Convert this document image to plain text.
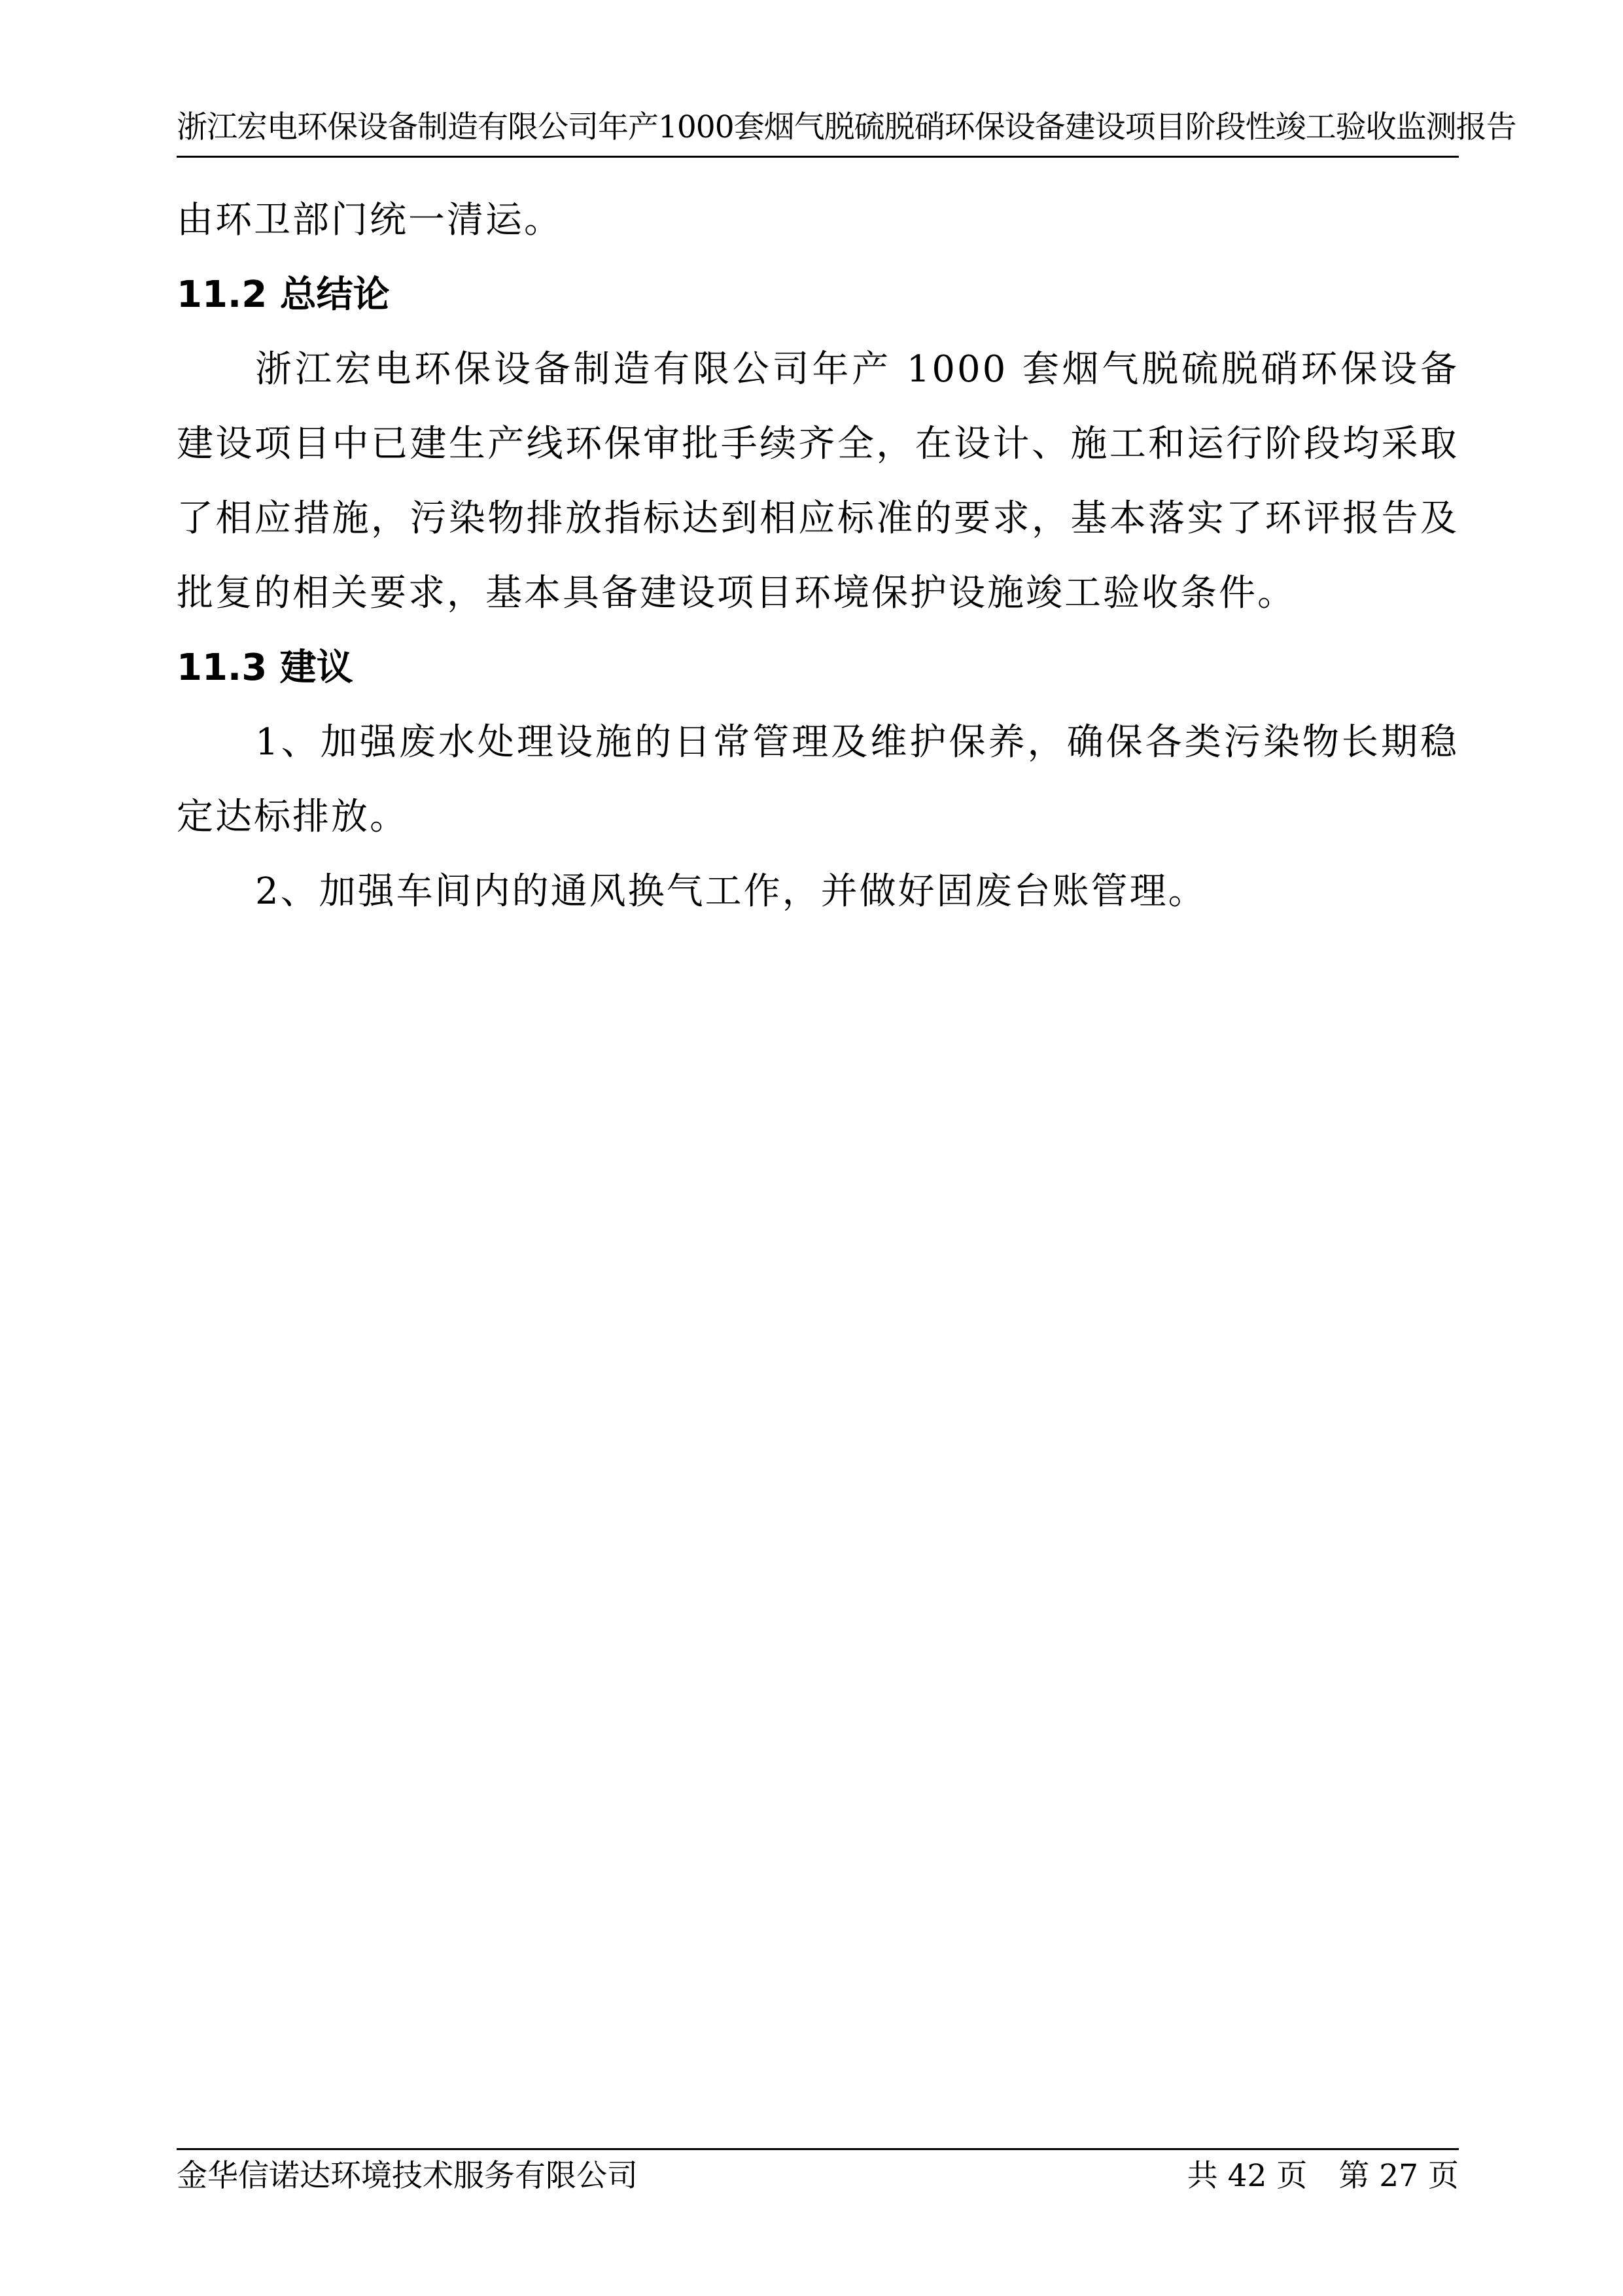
浙江宏电环保设备制造有限公司年产1000套烟气脱硫脱硝环保设备建设项目阶段性竣工验收监测报告

由环卫部门统一清运。

11.2 总结论

浙江宏电环保设备制造有限公司年产 1000 套烟气脱硫脱硝环保设备建设项目中已建生产线环保审批手续齐全，在设计、施工和运行阶段均采取了相应措施，污染物排放指标达到相应标准的要求，基本落实了环评报告及批复的相关要求，基本具备建设项目环境保护设施竣工验收条件。

11.3 建议

1、加强废水处理设施的日常管理及维护保养，确保各类污染物长期稳定达标排放。

2、加强车间内的通风换气工作，并做好固废台账管理。

金华信诺达环境技术服务有限公司	共 42 页 第 27 页
